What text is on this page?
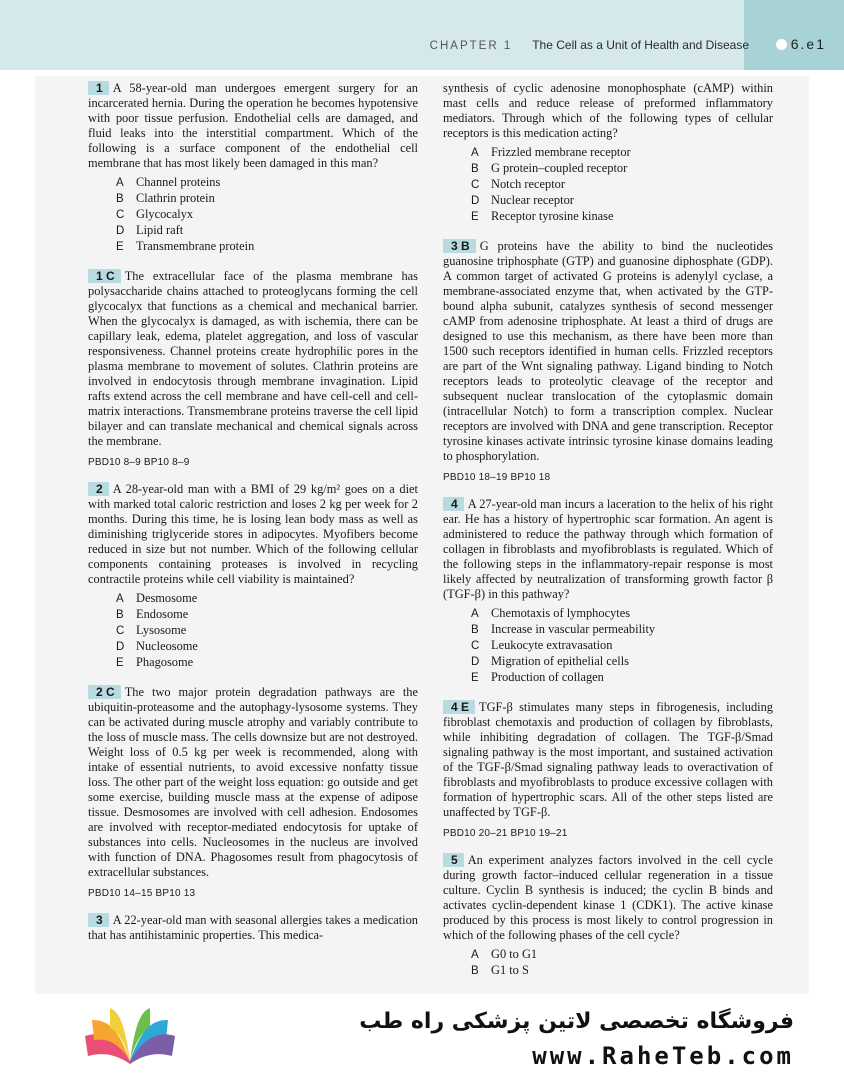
CHAPTER 1 The Cell as a Unit of Health and Disease	6.e1

1 A 58-year-old man undergoes emergent surgery for an incarcerated hernia. During the operation he becomes hypotensive with poor tissue perfusion. Endothelial cells are damaged, and fluid leaks into the interstitial compartment. Which of the following is a surface component of the endothelial cell membrane that has most likely been damaged in this man?

A Channel proteins
B Clathrin protein
C Glycocalyx
D Lipid raft
E Transmembrane protein

1 C The extracellular face of the plasma membrane has polysaccharide chains attached to proteoglycans forming the cell glycocalyx that functions as a chemical and mechanical barrier. When the glycocalyx is damaged, as with ischemia, there can be capillary leak, edema, platelet aggregation, and loss of vascular responsiveness. Channel proteins create hydrophilic pores in the plasma membrane to movement of solutes. Clathrin proteins are involved in endocytosis through membrane invagination. Lipid rafts extend across the cell membrane and have cell-cell and cell-matrix interactions. Transmembrane proteins traverse the cell lipid bilayer and can translate mechanical and chemical signals across the membrane.

PBD10 8–9 BP10 8–9

2 A 28-year-old man with a BMI of 29 kg/m² goes on a diet with marked total caloric restriction and loses 2 kg per week for 2 months. During this time, he is losing lean body mass as well as diminishing triglyceride stores in adipocytes. Myofibers become reduced in size but not number. Which of the following cellular components containing proteases is involved in recycling contractile proteins while cell viability is maintained?

A Desmosome
B Endosome
C Lysosome
D Nucleosome
E Phagosome

2 C The two major protein degradation pathways are the ubiquitin-proteasome and the autophagy-lysosome systems. They can be activated during muscle atrophy and variably contribute to the loss of muscle mass. The cells downsize but are not destroyed. Weight loss of 0.5 kg per week is recommended, along with intake of essential nutrients, to avoid excessive nonfatty tissue loss. The other part of the weight loss equation: go outside and get some exercise, building muscle mass at the expense of adipose tissue. Desmosomes are involved with cell adhesion. Endosomes are involved with receptor-mediated endocytosis for uptake of substances into cells. Nucleosomes in the nucleus are involved with function of DNA. Phagosomes result from phagocytosis of extracellular substances.

PBD10 14–15 BP10 13

3 A 22-year-old man with seasonal allergies takes a medication that has antihistaminic properties. This medica-

synthesis of cyclic adenosine monophosphate (cAMP) within mast cells and reduce release of preformed inflammatory mediators. Through which of the following types of cellular receptors is this medication acting?

A Frizzled membrane receptor
B G protein–coupled receptor
C Notch receptor
D Nuclear receptor
E Receptor tyrosine kinase

3 B G proteins have the ability to bind the nucleotides guanosine triphosphate (GTP) and guanosine diphosphate (GDP). A common target of activated G proteins is adenylyl cyclase, a membrane-associated enzyme that, when activated by the GTP-bound alpha subunit, catalyzes synthesis of second messenger cAMP from adenosine triphosphate. At least a third of drugs are designed to use this mechanism, as there have been more than 1500 such receptors identified in human cells. Frizzled receptors are part of the Wnt signaling pathway. Ligand binding to Notch receptors leads to proteolytic cleavage of the receptor and subsequent nuclear translocation of the cytoplasmic domain (intracellular Notch) to form a transcription complex. Nuclear receptors are involved with DNA and gene transcription. Receptor tyrosine kinases activate intrinsic tyrosine kinase domains leading to phosphorylation.

PBD10 18–19 BP10 18

4 A 27-year-old man incurs a laceration to the helix of his right ear. He has a history of hypertrophic scar formation. An agent is administered to reduce the pathway through which formation of collagen in fibroblasts and myofibroblasts is regulated. Which of the following steps in the inflammatory-repair response is most likely affected by neutralization of transforming growth factor β (TGF-β) in this pathway?

A Chemotaxis of lymphocytes
B Increase in vascular permeability
C Leukocyte extravasation
D Migration of epithelial cells
E Production of collagen

4 E TGF-β stimulates many steps in fibrogenesis, including fibroblast chemotaxis and production of collagen by fibroblasts, while inhibiting degradation of collagen. The TGF-β/Smad signaling pathway is the most important, and sustained activation of the TGF-β/Smad signaling pathway leads to overactivation of fibroblasts and myofibroblasts to produce excessive collagen with formation of hypertrophic scars. All of the other steps listed are unaffected by TGF-β.

PBD10 20–21 BP10 19–21

5 An experiment analyzes factors involved in the cell cycle during growth factor–induced cellular regeneration in a tissue culture. Cyclin B synthesis is induced; the cyclin B binds and activates cyclin-dependent kinase 1 (CDK1). The active kinase produced by this process is most likely to control progression in which of the following phases of the cell cycle?

A G0 to G1
B G1 to S
فروشگاه تخصصی لاتین پزشکی راه طب
www.RaheTeb.com
